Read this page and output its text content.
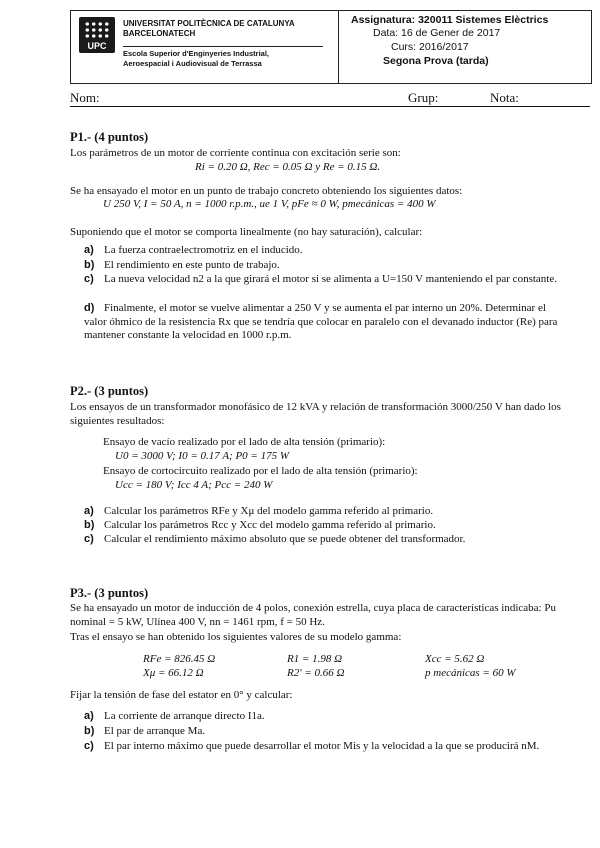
UPC
UNIVERSITAT POLITÈCNICA DE CATALUNYA
BARCELONATECH
Escola Superior d'Enginyeries Industrial,
Aeroespacial i Audiovisual de Terrassa
Assignatura: 320011 Sistemes Elèctrics
Data: 16 de Gener de 2017
Curs: 2016/2017
Segona Prova (tarda)
Nom:	Grup:	Nota:
P1.- (4 puntos)
Los parámetros de un motor de corriente continua con excitación serie son:
Ri = 0.20 Ω, Rec = 0.05 Ω y Re = 0.15 Ω.
Se ha ensayado el motor en un punto de trabajo concreto obteniendo los siguientes datos:
U 250 V, I = 50 A, n = 1000 r.p.m., ue 1 V, pFe ≈ 0 W, pmecánicas = 400 W
Suponiendo que el motor se comporta linealmente (no hay saturación), calcular:
a) La fuerza contraelectromotriz en el inducido.
b) El rendimiento en este punto de trabajo.
c) La nueva velocidad n2 a la que girará el motor si se alimenta a U=150 V manteniendo el par constante.
d) Finalmente, el motor se vuelve alimentar a 250 V y se aumenta el par interno un 20%. Determinar el valor óhmico de la resistencia Rx que se tendría que colocar en paralelo con el devanado inductor (Re) para mantener constante la velocidad en 1000 r.p.m.
P2.- (3 puntos)
Los ensayos de un transformador monofásico de 12 kVA y relación de transformación 3000/250 V han dado los siguientes resultados:
Ensayo de vacío realizado por el lado de alta tensión (primario):
U0 = 3000 V; I0 = 0.17 A; P0 = 175 W
Ensayo de cortocircuito realizado por el lado de alta tensión (primario):
Ucc = 180 V; Icc 4 A; Pcc = 240 W
a) Calcular los parámetros RFe y Xμ del modelo gamma referido al primario.
b) Calcular los parámetros Rcc y Xcc del modelo gamma referido al primario.
c) Calcular el rendimiento máximo absoluto que se puede obtener del transformador.
P3.- (3 puntos)
Se ha ensayado un motor de inducción de 4 polos, conexión estrella, cuya placa de características indicaba: Pu nominal = 5 kW, Ulínea 400 V, nn = 1461 rpm, f = 50 Hz.
Tras el ensayo se han obtenido los siguientes valores de su modelo gamma:
RFe = 826.45 Ω	R1 = 1.98 Ω	Xcc = 5.62 Ω
Xμ = 66.12 Ω	R2' = 0.66 Ω	p mecánicas = 60 W
Fijar la tensión de fase del estator en 0° y calcular:
a) La corriente de arranque directo I1a.
b) El par de arranque Ma.
c) El par interno máximo que puede desarrollar el motor Mis y la velocidad a la que se producirá nM.
